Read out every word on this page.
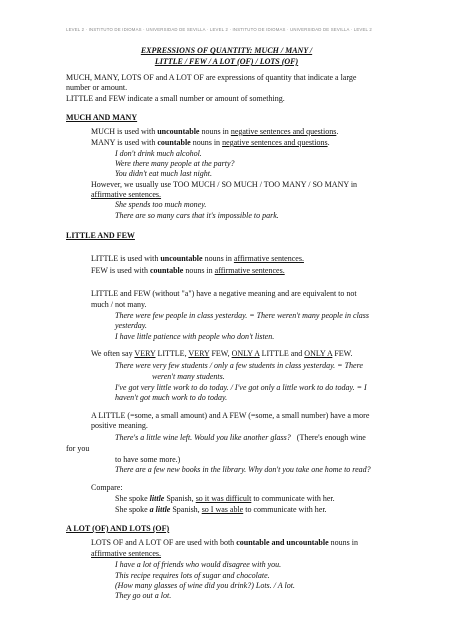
LEVEL 2 · INSTITUTO DE IDIOMAS · UNIVERSIDAD DE SEVILLA · LEVEL 2 · INSTITUTO DE IDIOMAS · UNIVERSIDAD DE SEVILLA · LEVEL 2
EXPRESSIONS OF QUANTITY: MUCH / MANY /
LITTLE / FEW / A LOT (OF) / LOTS (OF)
MUCH, MANY, LOTS OF and A LOT OF are expressions of quantity that indicate a large
number or amount.
LITTLE and FEW indicate a small number or amount of something.
MUCH AND MANY
MUCH is used with uncountable nouns in negative sentences and questions.
MANY is used with countable nouns in negative sentences and questions.
I don't drink much alcohol.
Were there many people at the party?
You didn't eat much last night.
However, we usually use TOO MUCH / SO MUCH / TOO MANY / SO MANY in
affirmative sentences.
She spends too much money.
There are so many cars that it's impossible to park.
LITTLE AND FEW
LITTLE is used with uncountable nouns in affirmative sentences.
FEW is used with countable nouns in affirmative sentences.
LITTLE and FEW (without "a") have a negative meaning and are equivalent to not
much / not many.
There were few people in class yesterday. = There weren't many people in class
yesterday.
I have little patience with people who don't listen.
We often say VERY LITTLE, VERY FEW, ONLY A LITTLE and ONLY A FEW.
There were very few students / only a few students in class yesterday. = There
weren't many students.
I've got very little work to do today. / I've got only a little work to do today. = I
haven't got much work to do today.
A LITTLE (=some, a small amount) and A FEW (=some, a small number) have a more
positive meaning.
There's a little wine left. Would you like another glass? (There's enough wine
for you
to have some more.)
There are a few new books in the library. Why don't you take one home to read?
Compare:
She spoke little Spanish, so it was difficult to communicate with her.
She spoke a little Spanish, so I was able to communicate with her.
A LOT (OF) AND LOTS (OF)
LOTS OF and A LOT OF are used with both countable and uncountable nouns in
affirmative sentences.
I have a lot of friends who would disagree with you.
This recipe requires lots of sugar and chocolate.
(How many glasses of wine did you drink?) Lots. / A lot.
They go out a lot.
